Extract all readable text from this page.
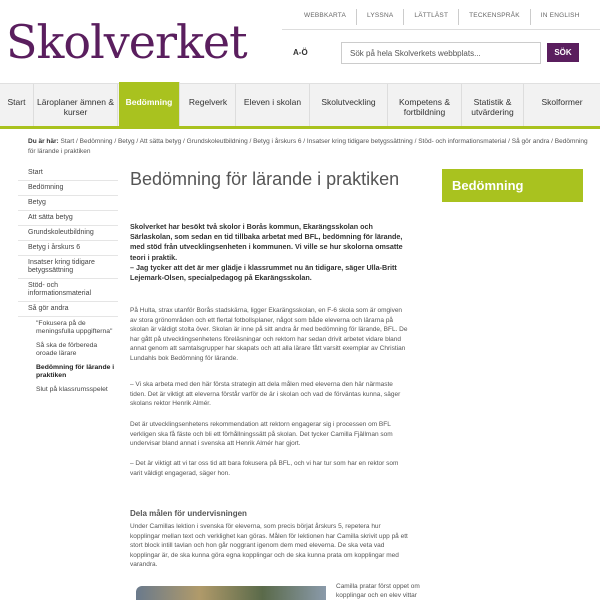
WEBBKARTA	LYSSNA	LÄTTLÄST	TECKENSPRÅK	IN ENGLISH
Skolverket	A-Ö	Sök på hela Skolverkets webbplats...	SÖK
Start	Läroplaner ämnen & kurser
Bedömning	Regelverk	Eleven i skolan	Skolutveckling	Kompetens & fortbildning
Statistik & utvärdering
Skolformer
Du är här: Start / Bedömning / Betyg / Att sätta betyg / Grundskoleutbildning / Betyg i årskurs 6 / Insatser kring tidigare betygssättning / Stöd- och informationsmaterial / Så gör andra / Bedömning för lärande i praktiken
Start
Bedömning
Betyg
Att sätta betyg
Grundskoleutbildning
Betyg i årskurs 6
Insatser kring tidigare betygssättning
Stöd- och informationsmaterial
Så gör andra
"Fokusera på de meningsfulla uppgifterna"
Så ska de förbereda oroade lärare
Bedömning för lärande i praktiken
Slut på klassrumsspelet
Bedömning för lärande i praktiken
Skolverket har besökt två skolor i Borås kommun, Ekarängsskolan och Särlaskolan, som sedan en tid tillbaka arbetat med BFL, bedömning för lärande, med stöd från utvecklingsenheten i kommunen. Vi ville se hur skolorna omsatte teori i praktik.
– Jag tycker att det är mer glädje i klassrummet nu än tidigare, säger Ulla-Britt Lejemark-Olsen, specialpedagog på Ekarängsskolan.
På Hulta, strax utanför Borås stadskärna, ligger Ekarängsskolan, en F-6 skola som är omgiven av stora grönområden och ett flertal fotbollsplaner, något som både eleverna och lärarna på skolan är väldigt stolta över. Skolan är inne på sitt andra år med bedömning för lärande, BFL. De har gått på utvecklingsenhetens föreläsningar och rektorn har sedan drivit arbetet vidare bland annat genom att samtalsgrupper har skapats och att alla lärare fått varsitt exemplar av Christian Lundahls bok Bedömning för lärande.
– Vi ska arbeta med den här första strategin att dela målen med eleverna den här närmaste tiden. Det är viktigt att eleverna förstår varför de är i skolan och vad de förväntas kunna, säger skolans rektor Henrik Almér.
Det är utvecklingsenhetens rekommendation att rektorn engagerar sig i processen om BFL verkligen ska få fäste och bli ett förhållningssätt på skolan. Det tycker Camilla Fjällman som undervisar bland annat i svenska att Henrik Almér har gjort.
– Det är viktigt att vi tar oss tid att bara fokusera på BFL, och vi har tur som har en rektor som varit väldigt engagerad, säger hon.
Dela målen för undervisningen
Under Camillas lektion i svenska för eleverna, som precis börjat årskurs 5, repetera hur kopplingar mellan text och verklighet kan göras. Målen för lektionen har Camilla skrivit upp på ett stort block intill tavlan och hon går noggrant igenom dem med eleverna. De ska veta vad kopplingar är, de ska kunna göra egna kopplingar och de ska kunna prata om kopplingar med varandra.
Camilla pratar först oppet om kopplingar och en elev vittar
Bedömning
